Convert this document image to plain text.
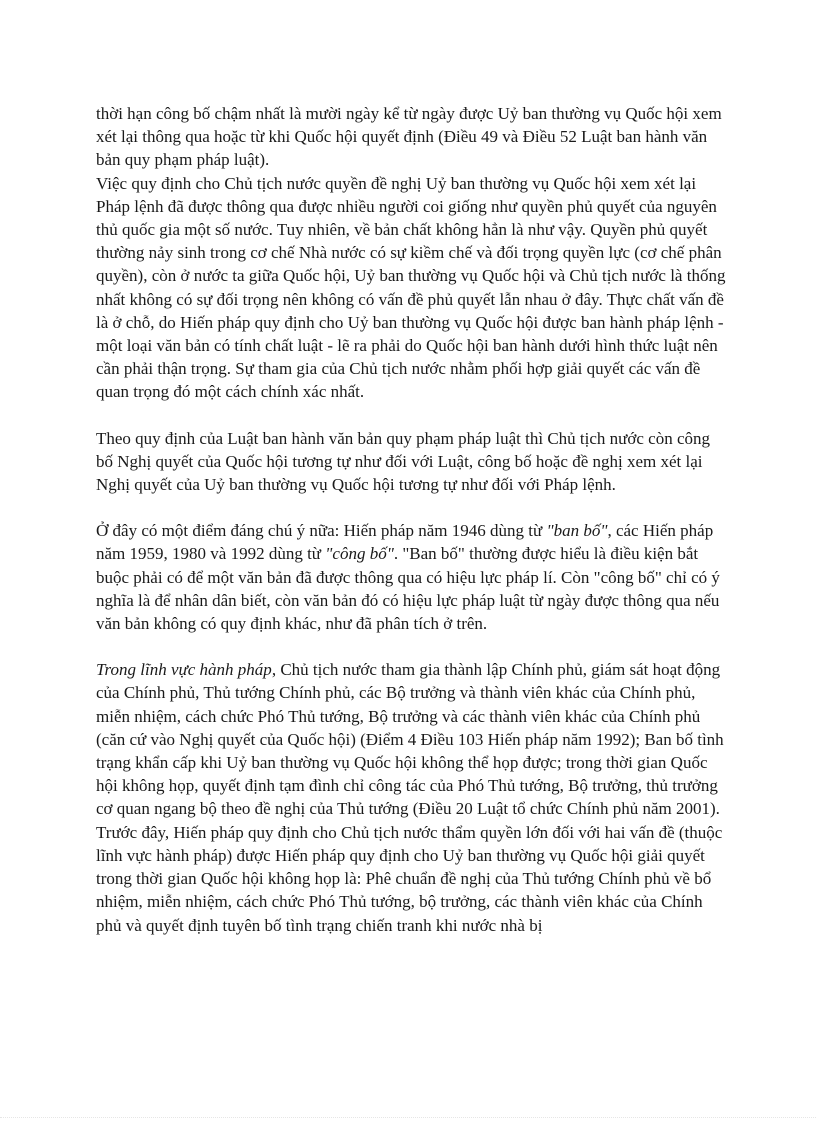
thời hạn công bố chậm nhất là mười ngày kể từ ngày được Uỷ ban thường vụ Quốc hội xem xét lại thông qua hoặc từ khi Quốc hội quyết định (Điều 49 và Điều 52 Luật ban hành văn bản quy phạm pháp luật).

Việc quy định cho Chủ tịch nước quyền đề nghị Uỷ ban thường vụ Quốc hội xem xét lại Pháp lệnh đã được thông qua được nhiều người coi giống như quyền phủ quyết của nguyên thủ quốc gia một số nước. Tuy nhiên, về bản chất không hẳn là như vậy. Quyền phủ quyết thường nảy sinh trong cơ chế Nhà nước có sự kiềm chế và đối trọng quyền lực (cơ chế phân quyền), còn ở nước ta giữa Quốc hội, Uỷ ban thường vụ Quốc hội và Chủ tịch nước là thống nhất không có sự đối trọng nên không có vấn đề phủ quyết lẫn nhau ở đây. Thực chất vấn đề là ở chỗ, do Hiến pháp quy định cho Uỷ ban thường vụ Quốc hội được ban hành pháp lệnh - một loại văn bản có tính chất luật - lẽ ra phải do Quốc hội ban hành dưới hình thức luật nên cần phải thận trọng. Sự tham gia của Chủ tịch nước nhằm phối hợp giải quyết các vấn đề quan trọng đó một cách chính xác nhất.

Theo quy định của Luật ban hành văn bản quy phạm pháp luật thì Chủ tịch nước còn công bố Nghị quyết của Quốc hội tương tự như đối với Luật, công bố hoặc đề nghị xem xét lại Nghị quyết của Uỷ ban thường vụ Quốc hội tương tự như đối với Pháp lệnh.

Ở đây có một điểm đáng chú ý nữa: Hiến pháp năm 1946 dùng từ "ban bố", các Hiến pháp năm 1959, 1980 và 1992 dùng từ "công bố". "Ban bố" thường được hiểu là điều kiện bắt buộc phải có để một văn bản đã được thông qua có hiệu lực pháp lí. Còn "công bố" chỉ có ý nghĩa là để nhân dân biết, còn văn bản đó có hiệu lực pháp luật từ ngày được thông qua nếu văn bản không có quy định khác, như đã phân tích ở trên.

Trong lĩnh vực hành pháp, Chủ tịch nước tham gia thành lập Chính phủ, giám sát hoạt động của Chính phủ, Thủ tướng Chính phủ, các Bộ trưởng và thành viên khác của Chính phủ, miễn nhiệm, cách chức Phó Thủ tướng, Bộ trưởng và các thành viên khác của Chính phủ (căn cứ vào Nghị quyết của Quốc hội) (Điểm 4 Điều 103 Hiến pháp năm 1992); Ban bố tình trạng khẩn cấp khi Uỷ ban thường vụ Quốc hội không thể họp được; trong thời gian Quốc hội không họp, quyết định tạm đình chỉ công tác của Phó Thủ tướng, Bộ trưởng, thủ trưởng cơ quan ngang bộ theo đề nghị của Thủ tướng (Điều 20 Luật tổ chức Chính phủ năm 2001). Trước đây, Hiến pháp quy định cho Chủ tịch nước thẩm quyền lớn đối với hai vấn đề (thuộc lĩnh vực hành pháp) được Hiến pháp quy định cho Uỷ ban thường vụ Quốc hội giải quyết trong thời gian Quốc hội không họp là: Phê chuẩn đề nghị của Thủ tướng Chính phủ về bổ nhiệm, miễn nhiệm, cách chức Phó Thủ tướng, bộ trưởng, các thành viên khác của Chính phủ và quyết định tuyên bố tình trạng chiến tranh khi nước nhà bị
